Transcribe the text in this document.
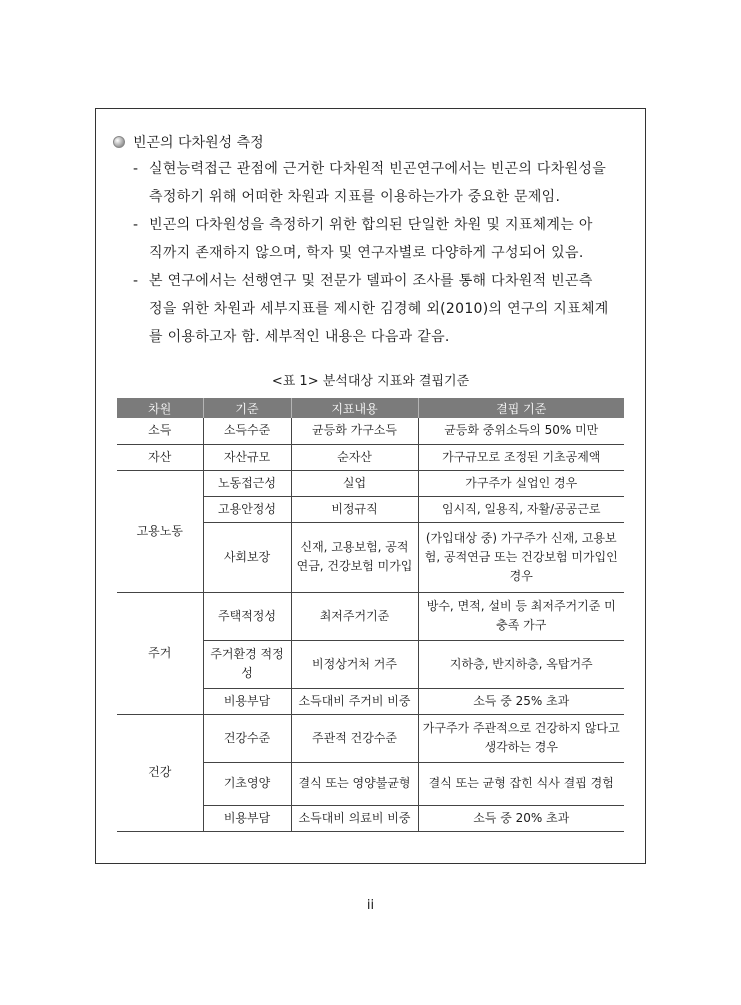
빈곤의 다차원성 측정
- 실현능력접근 관점에 근거한 다차원적 빈곤연구에서는 빈곤의 다차원성을
측정하기 위해 어떠한 차원과 지표를 이용하는가가 중요한 문제임.
- 빈곤의 다차원성을 측정하기 위한 합의된 단일한 차원 및 지표체계는 아
직까지 존재하지 않으며, 학자 및 연구자별로 다양하게 구성되어 있음.
- 본 연구에서는 선행연구 및 전문가 델파이 조사를 통해 다차원적 빈곤측
정을 위한 차원과 세부지표를 제시한 김경혜 외(2010)의 연구의 지표체계
를 이용하고자 함. 세부적인 내용은 다음과 같음.
<표 1> 분석대상 지표와 결핍기준
차원	기준	지표내용	결핍 기준
소득	소득수준	균등화 가구소득	균등화 중위소득의 50% 미만
자산	자산규모	순자산	가구규모로 조정된 기초공제액
고용노동	노동접근성	실업	가구주가 실업인 경우
	고용안정성	비정규직	임시직, 일용직, 자활/공공근로
	사회보장	신재, 고용보험, 공적연금, 건강보험 미가입	(가입대상 중) 가구주가 신재, 고용보험, 공적연금 또는 건강보험 미가입인 경우
주거	주택적정성	최저주거기준	방수, 면적, 설비 등 최저주거기준 미충족 가구
	주거환경 적정성	비정상거처 거주	지하층, 반지하층, 옥탑거주
	비용부담	소득대비 주거비 비중	소득 중 25% 초과
건강	건강수준	주관적 건강수준	가구주가 주관적으로 건강하지 않다고 생각하는 경우
	기초영양	결식 또는 영양불균형	결식 또는 균형 잡힌 식사 결핍 경험
	비용부담	소득대비 의료비 비중	소득 중 20% 초과
ii
